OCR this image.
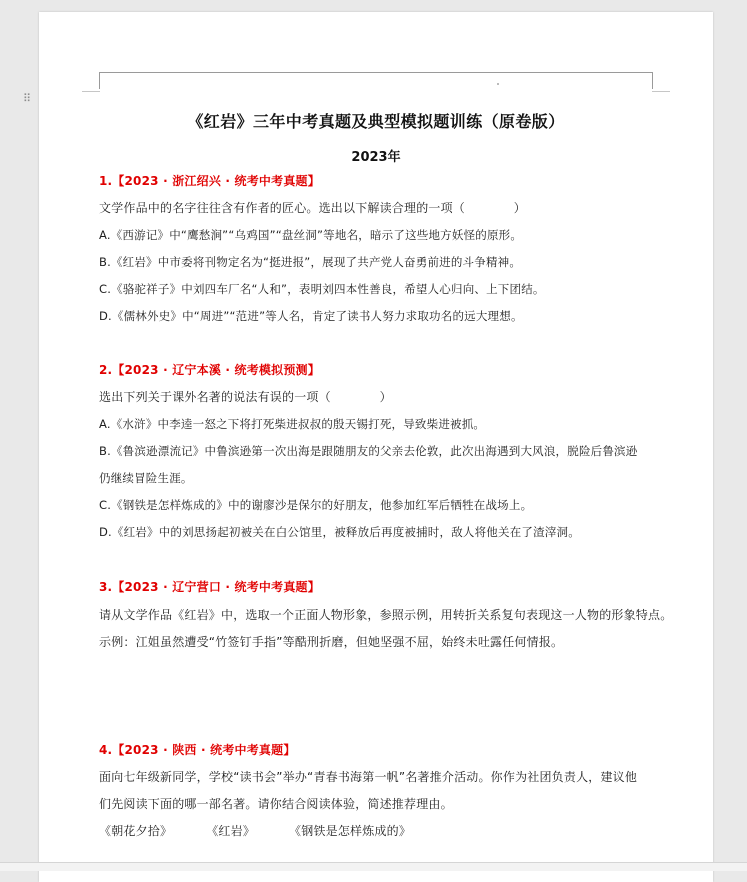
《红岩》三年中考真题及典型模拟题训练（原卷版）
2023年
1.【2023 · 浙江绍兴 · 统考中考真题】
文学作品中的名字往往含有作者的匠心。选出以下解读合理的一项（　　　　）
A.《西游记》中“鹰愁涧”“乌鸡国”“盘丝洞”等地名，暗示了这些地方妖怪的原形。
B.《红岩》中市委将刊物定名为“挺进报”，展现了共产党人奋勇前进的斗争精神。
C.《骆驼祥子》中刘四车厂名“人和”，表明刘四本性善良，希望人心归向、上下团结。
D.《儒林外史》中“周进”“范进”等人名，肯定了读书人努力求取功名的远大理想。
2.【2023 · 辽宁本溪 · 统考模拟预测】
选出下列关于课外名著的说法有误的一项（　　　　）
A.《水浒》中李逵一怒之下将打死柴进叔叔的殷天锡打死，导致柴进被抓。
B.《鲁滨逊漂流记》中鲁滨逊第一次出海是跟随朋友的父亲去伦敦，此次出海遇到大风浪，脱险后鲁滨逊
仍继续冒险生涯。
C.《钢铁是怎样炼成的》中的谢廖沙是保尔的好朋友，他参加红军后牺牲在战场上。
D.《红岩》中的刘思扬起初被关在白公馆里，被释放后再度被捕时，敌人将他关在了渣滓洞。
3.【2023 · 辽宁营口 · 统考中考真题】
请从文学作品《红岩》中，选取一个正面人物形象，参照示例，用转折关系复句表现这一人物的形象特点。
示例：江姐虽然遭受“竹签钉手指”等酷刑折磨，但她坚强不屈，始终未吐露任何情报。
4.【2023 · 陕西 · 统考中考真题】
面向七年级新同学，学校“读书会”举办“青春书海第一帆”名著推介活动。你作为社团负责人，建议他
们先阅读下面的哪一部名著。请你结合阅读体验，简述推荐理由。
《朝花夕拾》	《红岩》	《钢铁是怎样炼成的》
⠿
